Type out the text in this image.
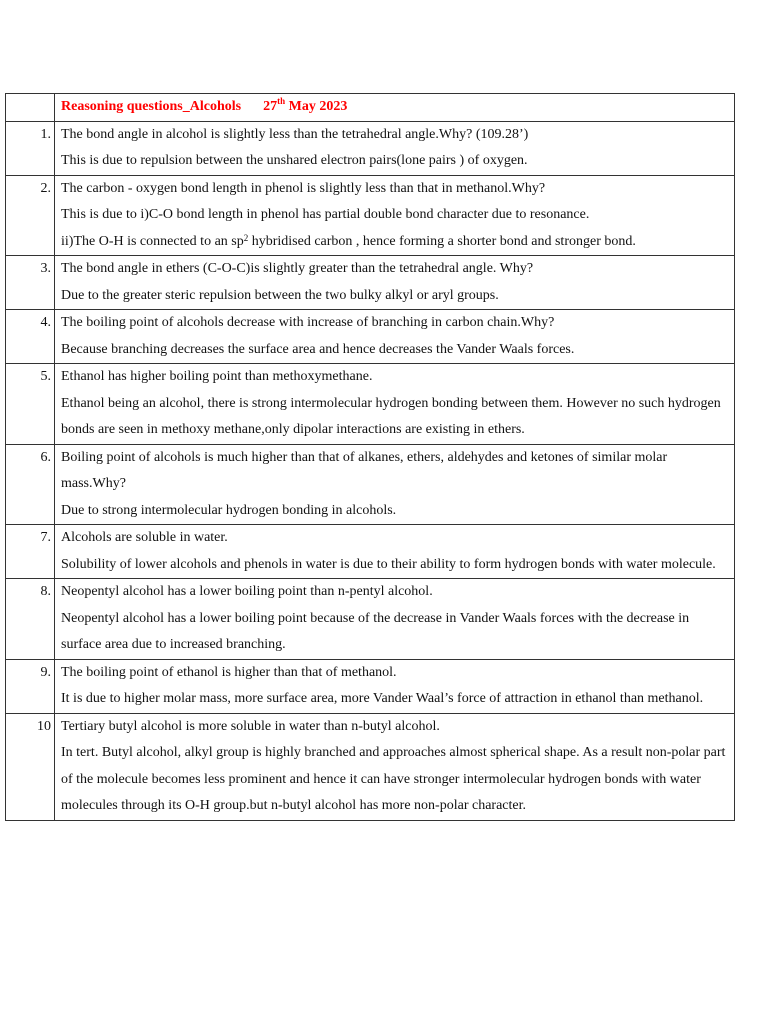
	Reasoning questions_Alcohols 27th May 2023
1.	The bond angle in alcohol is slightly less than the tetrahedral angle.Why? (109.28’)
This is due to repulsion between the unshared electron pairs(lone pairs ) of oxygen.

2.	The carbon - oxygen bond length in phenol is slightly less than that in methanol.Why?
This is due to i)C-O bond length in phenol has partial double bond character due to resonance.
ii)The O-H is connected to an $sp^2$ hybridised carbon , hence forming a shorter bond and stronger bond.

3.	The bond angle in ethers (C-O-C)is slightly greater than the tetrahedral angle. Why?
Due to the greater steric repulsion between the two bulky alkyl or aryl groups.

4.	The boiling point of alcohols decrease with increase of branching in carbon chain.Why?
Because branching decreases the surface area and hence decreases the Vander Waals forces.

5.	Ethanol has higher boiling point than methoxymethane.
Ethanol being an alcohol, there is strong intermolecular hydrogen bonding between them. However no such hydrogen bonds are seen in methoxy methane,only dipolar interactions are existing in ethers.

6.	Boiling point of alcohols is much higher than that of alkanes, ethers, aldehydes and ketones of similar molar mass.Why?
Due to strong intermolecular hydrogen bonding in alcohols.

7.	Alcohols are soluble in water.
Solubility of lower alcohols and phenols in water is due to their ability to form hydrogen bonds with water molecule.

8.	Neopentyl alcohol has a lower boiling point than n-pentyl alcohol.
Neopentyl alcohol has a lower boiling point because of the decrease in Vander Waals forces with the decrease in surface area due to increased branching.

9.	The boiling point of ethanol is higher than that of methanol.
It is due to higher molar mass, more surface area, more Vander Waal’s force of attraction in ethanol than methanol.

10	Tertiary butyl alcohol is more soluble in water than n-butyl alcohol.
In tert. Butyl alcohol, alkyl group is highly branched and approaches almost spherical shape. As a result non-polar part of the molecule becomes less prominent and hence it can have stronger intermolecular hydrogen bonds with water molecules through its O-H group.but n-butyl alcohol has more non-polar character.
